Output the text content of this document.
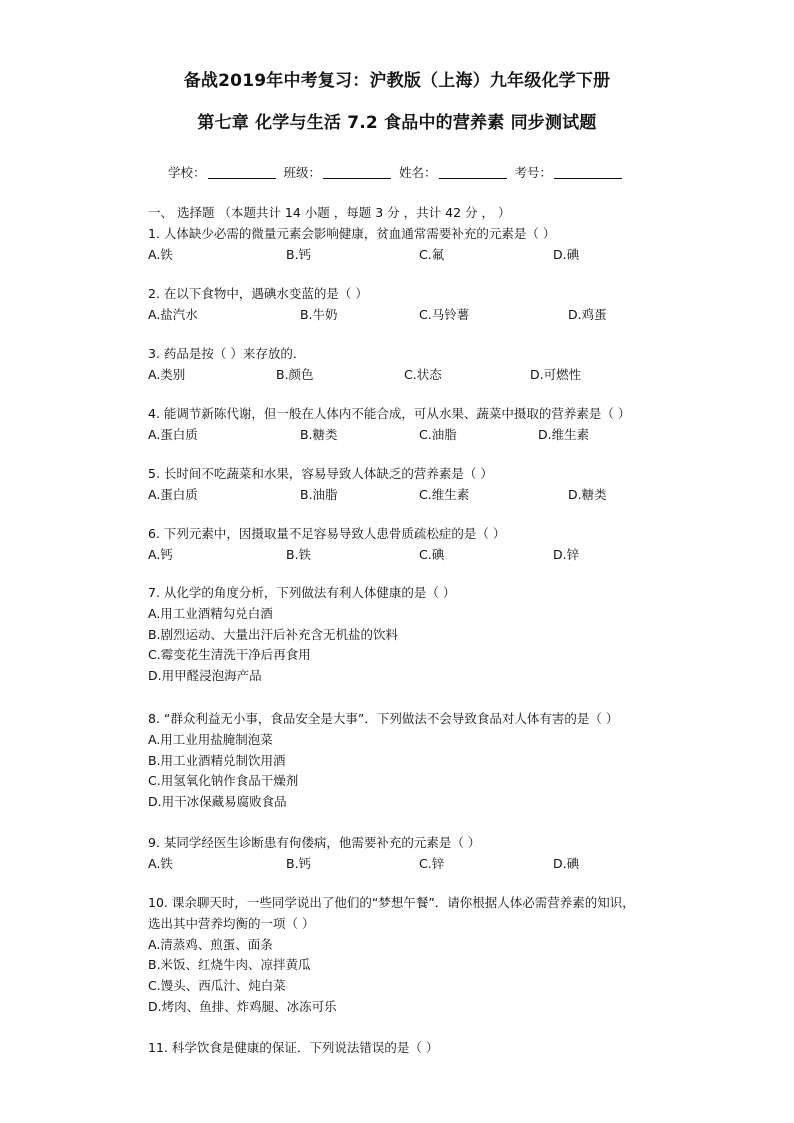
备战2019年中考复习：沪教版（上海）九年级化学下册
第七章 化学与生活 7.2 食品中的营养素 同步测试题
学校：	班级：	姓名：	考号：
一、 选择题 （本题共计 14 小题 ，每题 3 分 ，共计 42 分 ， ）
1. 人体缺少必需的微量元素会影响健康，贫血通常需要补充的元素是（ ）
A.铁	B.钙	C.氟	D.碘
2. 在以下食物中，遇碘水变蓝的是（ ）
A.盐汽水	B.牛奶	C.马铃薯	D.鸡蛋
3. 药品是按（ ）来存放的．
A.类别	B.颜色	C.状态	D.可燃性
4. 能调节新陈代谢，但一般在人体内不能合成，可从水果、蔬菜中摄取的营养素是（ ）
A.蛋白质	B.糖类	C.油脂	D.维生素
5. 长时间不吃蔬菜和水果，容易导致人体缺乏的营养素是（ ）
A.蛋白质	B.油脂	C.维生素	D.糖类
6. 下列元素中，因摄取量不足容易导致人患骨质疏松症的是（ ）
A.钙	B.铁	C.碘	D.锌
7. 从化学的角度分析，下列做法有利人体健康的是（ ）
A.用工业酒精勾兑白酒
B.剧烈运动、大量出汗后补充含无机盐的饮料
C.霉变花生清洗干净后再食用
D.用甲醛浸泡海产品
8. “群众利益无小事，食品安全是大事”．下列做法不会导致食品对人体有害的是（ ）
A.用工业用盐腌制泡菜
B.用工业酒精兑制饮用酒
C.用氢氧化钠作食品干燥剂
D.用干冰保藏易腐败食品
9. 某同学经医生诊断患有佝偻病，他需要补充的元素是（ ）
A.铁	B.钙	C.锌	D.碘
10. 课余聊天时，一些同学说出了他们的“梦想午餐”．请你根据人体必需营养素的知识，
选出其中营养均衡的一项（ ）
A.清蒸鸡、煎蛋、面条
B.米饭、红烧牛肉、凉拌黄瓜
C.馒头、西瓜汁、炖白菜
D.烤肉、鱼排、炸鸡腿、冰冻可乐
11. 科学饮食是健康的保证．下列说法错误的是（ ）
